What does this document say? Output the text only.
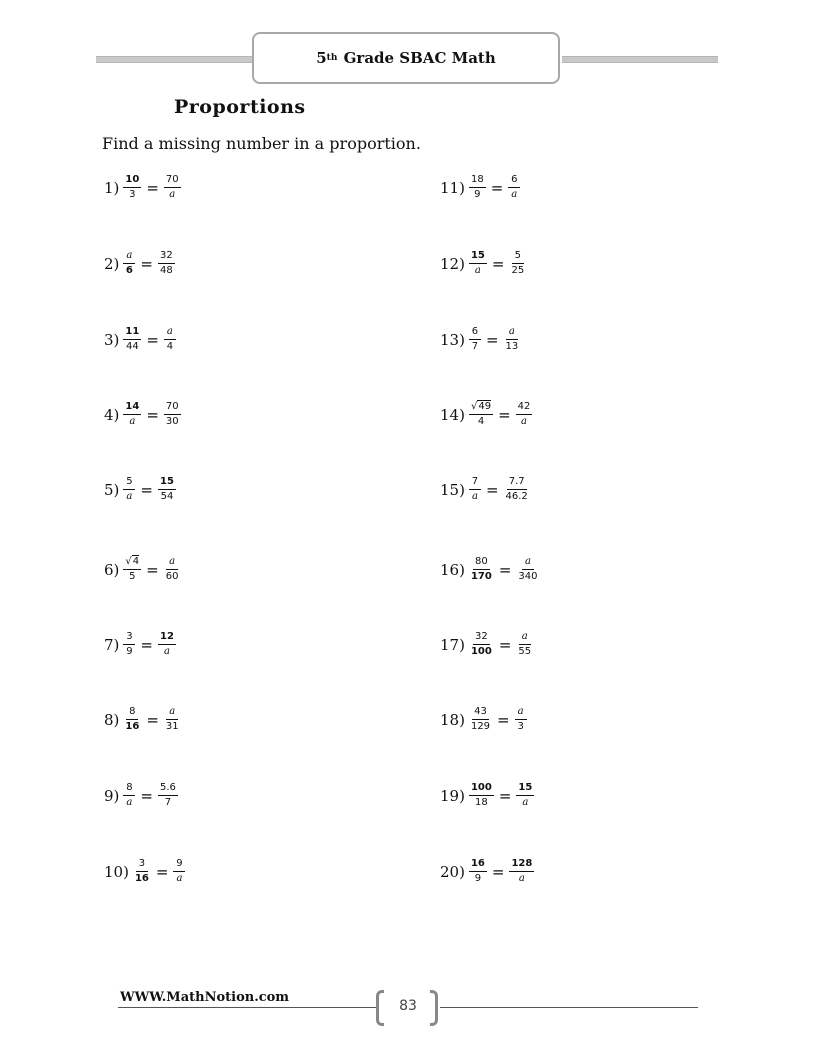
5 th
Grade SBAC Math
Proportions
Find a missing number in a proportion.
$1) \frac{10}{3} = \frac{70}{a}$
$2) \frac{a}{6} = \frac{32}{48}$
$3) \frac{11}{44} = \frac{a}{4}$
$4) \frac{14}{a} = \frac{70}{30}$
$5) \frac{5}{a} = \frac{15}{54}$
$6) \frac{√4}{5} = \frac{a}{60}$
$7) \frac{3}{9} = \frac{12}{a}$
$8) \frac{8}{16} = \frac{a}{31}$
$9) \frac{8}{a} = \frac{5.6}{7}$
$10) \frac{3}{16} = \frac{9}{a}$
$11) \frac{18}{9} = \frac{6}{a}$
$12) \frac{15}{a} = \frac{5}{25}$
$13) \frac{6}{7} = \frac{a}{13}$
$14) \frac{√49}{4} = \frac{42}{a}$
$15) \frac{7}{a} = \frac{7.7}{46.2}$
$16) \frac{80}{170} = \frac{a}{340}$
$17) \frac{32}{100} = \frac{a}{55}$
$18) \frac{43}{129} = \frac{a}{3}$
$19) \frac{100}{18} = \frac{15}{a}$
$20) \frac{16}{9} = \frac{128}{a}$
WWW.MathNotion.com
83
